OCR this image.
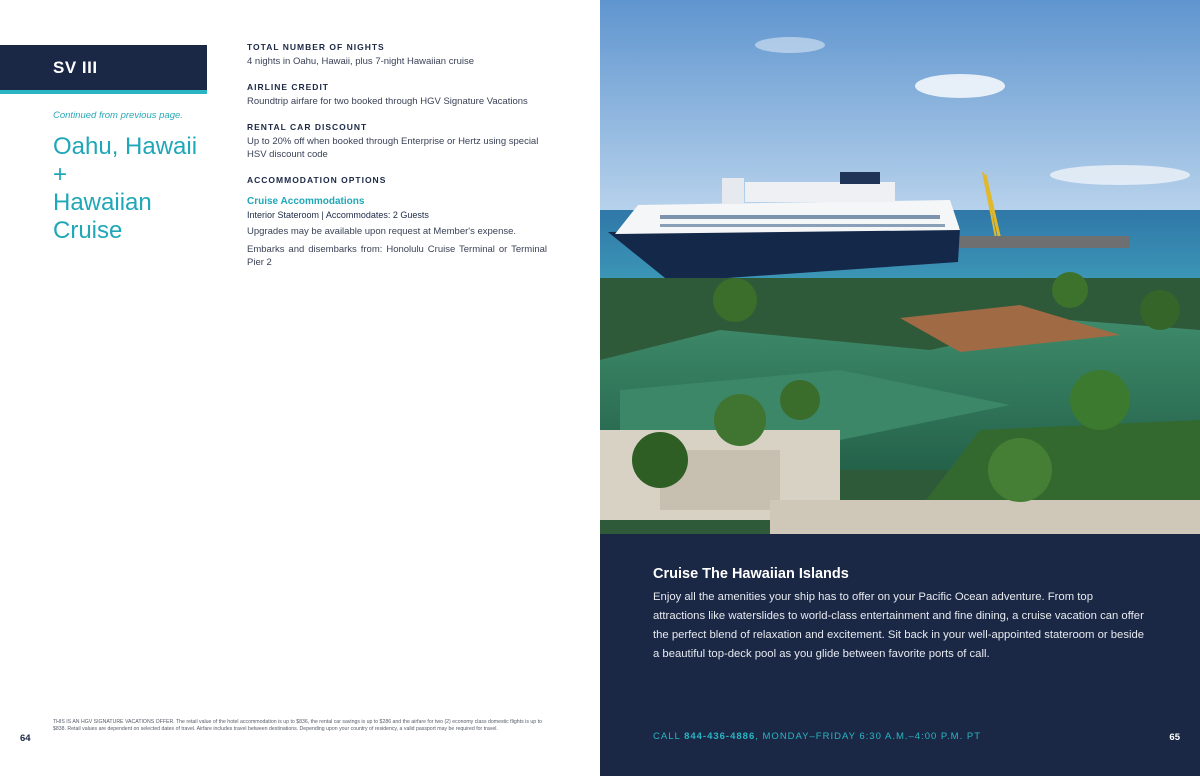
SV III
Continued from previous page.
Oahu, Hawaii
+
Hawaiian
Cruise
TOTAL NUMBER OF NIGHTS
4 nights in Oahu, Hawaii, plus 7-night Hawaiian cruise
AIRLINE CREDIT
Roundtrip airfare for two booked through HGV Signature Vacations
RENTAL CAR DISCOUNT
Up to 20% off when booked through Enterprise or Hertz using special HSV discount code
ACCOMMODATION OPTIONS
Cruise Accommodations
Interior Stateroom | Accommodates: 2 Guests
Upgrades may be available upon request at Member's expense.
Embarks and disembarks from: Honolulu Cruise Terminal or Terminal Pier 2
64
THIS IS AN HGV SIGNATURE VACATIONS OFFER. The retail value of the hotel accommodation is up to $836, the rental car savings is up to $286 and the airfare for two (2) economy class domestic flights is up to $838. Retail values are dependent on selected dates of travel. Airfare includes travel between destinations. Depending upon your country of residency, a valid passport may be required for travel.
Cruise The Hawaiian Islands
Enjoy all the amenities your ship has to offer on your Pacific Ocean adventure. From top attractions like waterslides to world-class entertainment and fine dining, a cruise vacation can offer the perfect blend of relaxation and excitement. Sit back in your well-appointed stateroom or beside a beautiful top-deck pool as you glide between favorite ports of call.
CALL 844-436-4886, MONDAY–FRIDAY 6:30 A.M.–4:00 P.M. PT	65
